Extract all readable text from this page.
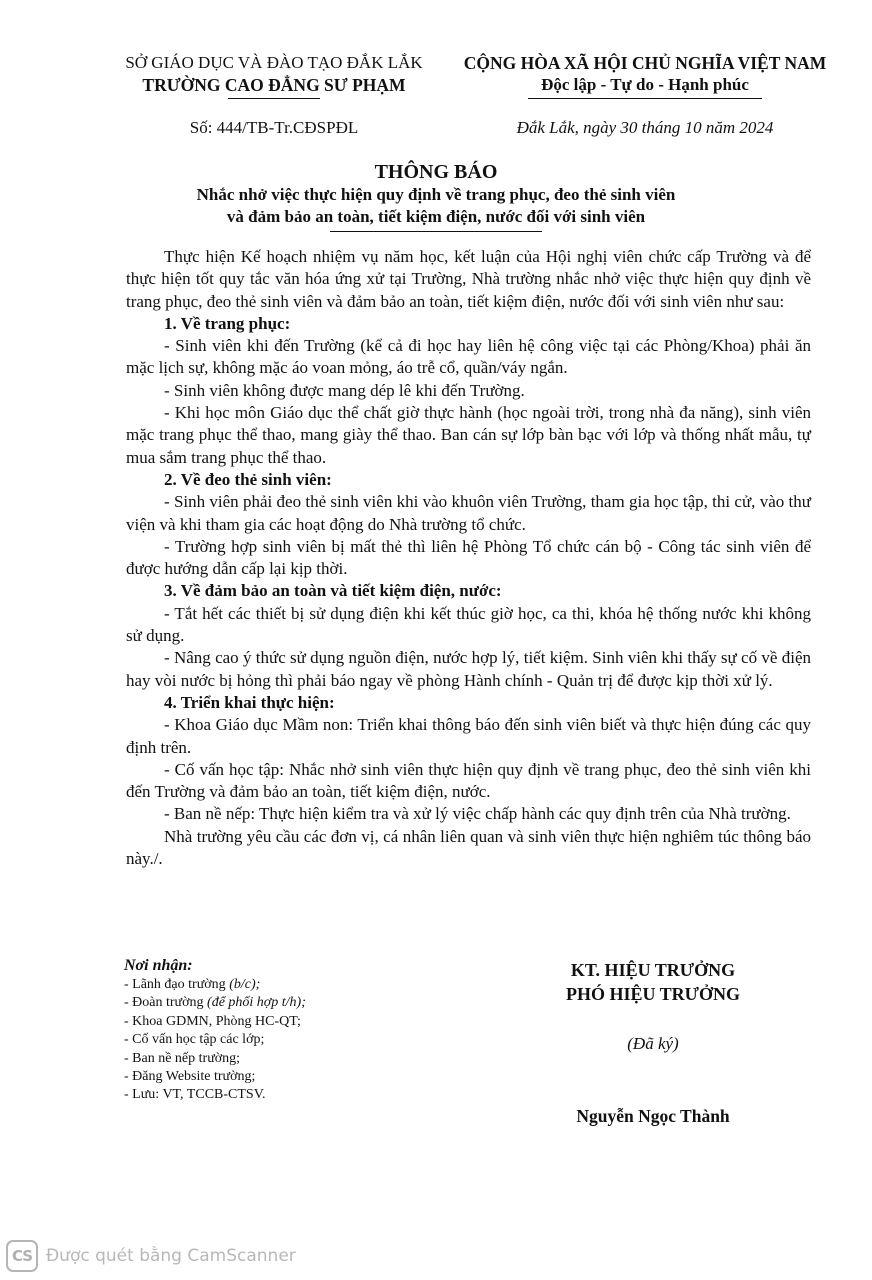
SỞ GIÁO DỤC VÀ ĐÀO TẠO ĐẮK LẮK
TRƯỜNG CAO ĐẲNG SƯ PHẠM
CỘNG HÒA XÃ HỘI CHỦ NGHĨA VIỆT NAM
Độc lập - Tự do - Hạnh phúc
Số: 444/TB-Tr.CĐSPĐL	Đắk Lắk, ngày 30 tháng 10 năm 2024
THÔNG BÁO
Nhắc nhở việc thực hiện quy định về trang phục, đeo thẻ sinh viên
và đảm bảo an toàn, tiết kiệm điện, nước đối với sinh viên

Thực hiện Kế hoạch nhiệm vụ năm học, kết luận của Hội nghị viên chức cấp Trường và để thực hiện tốt quy tắc văn hóa ứng xử tại Trường, Nhà trường nhắc nhở việc thực hiện quy định về trang phục, đeo thẻ sinh viên và đảm bảo an toàn, tiết kiệm điện, nước đối với sinh viên như sau:

1. Về trang phục:

- Sinh viên khi đến Trường (kể cả đi học hay liên hệ công việc tại các Phòng/Khoa) phải ăn mặc lịch sự, không mặc áo voan mỏng, áo trễ cổ, quần/váy ngắn.

- Sinh viên không được mang dép lê khi đến Trường.

- Khi học môn Giáo dục thể chất giờ thực hành (học ngoài trời, trong nhà đa năng), sinh viên mặc trang phục thể thao, mang giày thể thao. Ban cán sự lớp bàn bạc với lớp và thống nhất mẫu, tự mua sắm trang phục thể thao.

2. Về đeo thẻ sinh viên:

- Sinh viên phải đeo thẻ sinh viên khi vào khuôn viên Trường, tham gia học tập, thi cử, vào thư viện và khi tham gia các hoạt động do Nhà trường tổ chức.

- Trường hợp sinh viên bị mất thẻ thì liên hệ Phòng Tổ chức cán bộ - Công tác sinh viên để được hướng dẫn cấp lại kịp thời.

3. Về đảm bảo an toàn và tiết kiệm điện, nước:

- Tắt hết các thiết bị sử dụng điện khi kết thúc giờ học, ca thi, khóa hệ thống nước khi không sử dụng.

- Nâng cao ý thức sử dụng nguồn điện, nước hợp lý, tiết kiệm. Sinh viên khi thấy sự cố về điện hay vòi nước bị hỏng thì phải báo ngay về phòng Hành chính - Quản trị để được kịp thời xử lý.

4. Triển khai thực hiện:

- Khoa Giáo dục Mầm non: Triển khai thông báo đến sinh viên biết và thực hiện đúng các quy định trên.

- Cố vấn học tập: Nhắc nhở sinh viên thực hiện quy định về trang phục, đeo thẻ sinh viên khi đến Trường và đảm bảo an toàn, tiết kiệm điện, nước.

- Ban nề nếp: Thực hiện kiểm tra và xử lý việc chấp hành các quy định trên của Nhà trường.

Nhà trường yêu cầu các đơn vị, cá nhân liên quan và sinh viên thực hiện nghiêm túc thông báo này./.

Nơi nhận:
- Lãnh đạo trường (b/c);
- Đoàn trường (để phối hợp t/h);
- Khoa GDMN, Phòng HC-QT;
- Cố vấn học tập các lớp;
- Ban nề nếp trường;
- Đăng Website trường;
- Lưu: VT, TCCB-CTSV.
KT. HIỆU TRƯỞNG
PHÓ HIỆU TRƯỞNG
(Đã ký)
Nguyễn Ngọc Thành
CS Được quét bằng CamScanner
